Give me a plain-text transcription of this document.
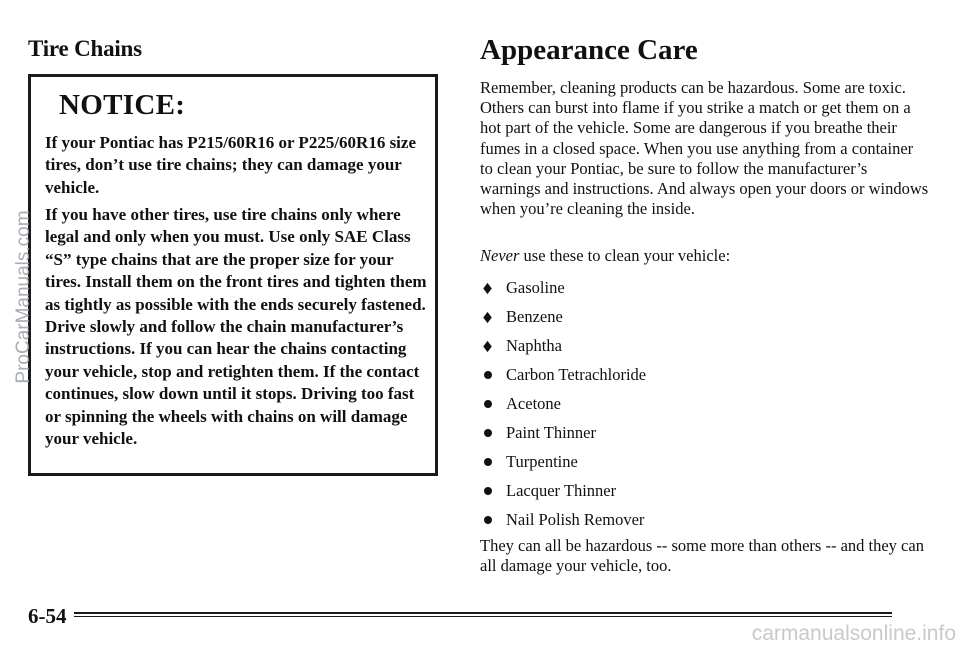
Tire Chains
NOTICE:
If your Pontiac has P215/60R16 or P225/60R16 size tires, don’t use tire chains; they can damage your vehicle.
If you have other tires, use tire chains only where legal and only when you must. Use only SAE Class “S” type chains that are the proper size for your tires. Install them on the front tires and tighten them as tightly as possible with the ends securely fastened. Drive slowly and follow the chain manufacturer’s instructions. If you can hear the chains contacting your vehicle, stop and retighten them. If the contact continues, slow down until it stops. Driving too fast or spinning the wheels with chains on will damage your vehicle.
Appearance Care
Remember, cleaning products can be hazardous. Some are toxic. Others can burst into flame if you strike a match or get them on a hot part of the vehicle. Some are dangerous if you breathe their fumes in a closed space. When you use anything from a container to clean your Pontiac, be sure to follow the manufacturer’s warnings and instructions. And always open your doors or windows when you’re cleaning the inside.
Never use these to clean your vehicle:
Gasoline
Benzene
Naphtha
Carbon Tetrachloride
Acetone
Paint Thinner
Turpentine
Lacquer Thinner
Nail Polish Remover
They can all be hazardous -- some more than others -- and they can all damage your vehicle, too.
6-54
ProCarManuals.com
carmanualsonline.info
